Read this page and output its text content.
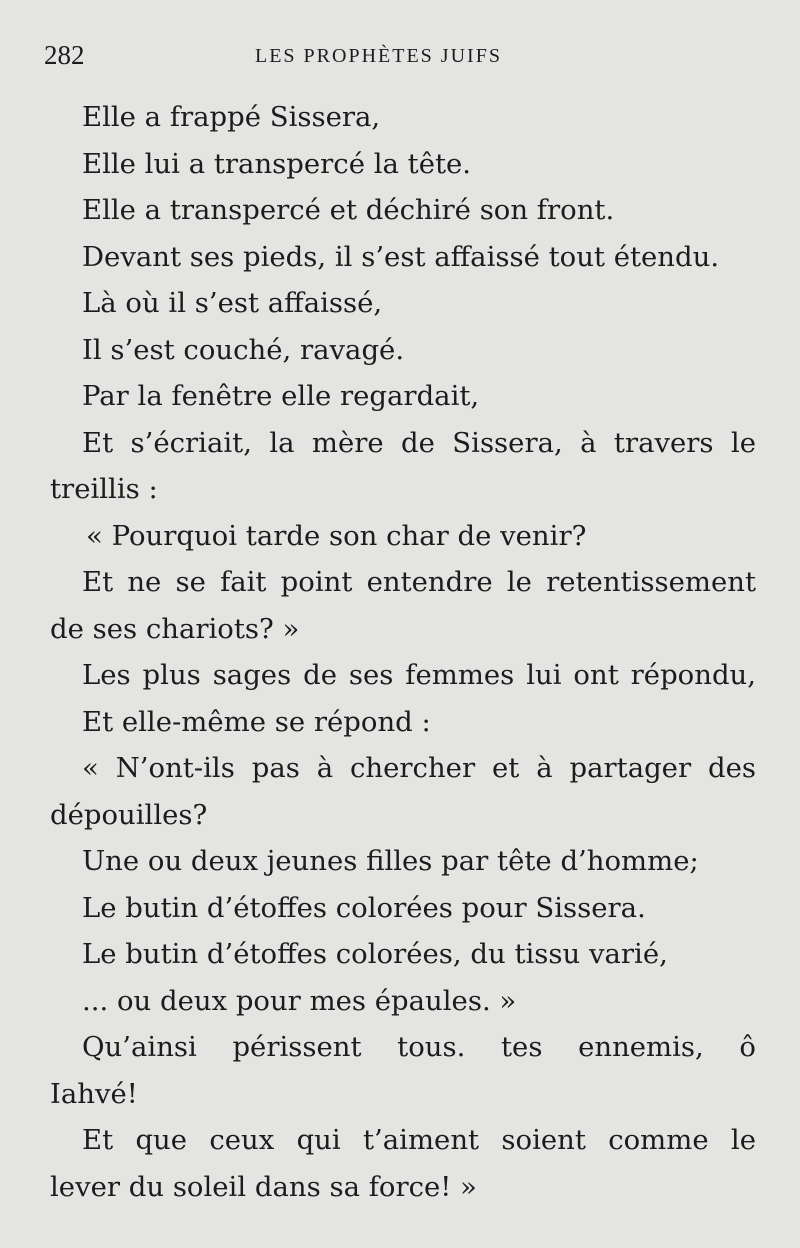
282	LES PROPHÈTES JUIFS
Elle a frappé Sissera,
Elle lui a transpercé la tête.
Elle a transpercé et déchiré son front.
Devant ses pieds, il s’est affaissé tout étendu.
Là où il s’est affaissé,
Il s’est couché, ravagé.
Par la fenêtre elle regardait,
Et s’écriait, la mère de Sissera, à travers le
treillis :
« Pourquoi tarde son char de venir?
Et ne se fait point entendre le retentissement
de ses chariots? »
Les plus sages de ses femmes lui ont répondu,
Et elle-même se répond :
« N’ont-ils pas à chercher et à partager des
dépouilles?
Une ou deux jeunes filles par tête d’homme;
Le butin d’étoffes colorées pour Sissera.
Le butin d’étoffes colorées, du tissu varié,
... ou deux pour mes épaules. »
Qu’ainsi périssent tous. tes ennemis, ô
Iahvé!
Et que ceux qui t’aiment soient comme le
lever du soleil dans sa force! »
